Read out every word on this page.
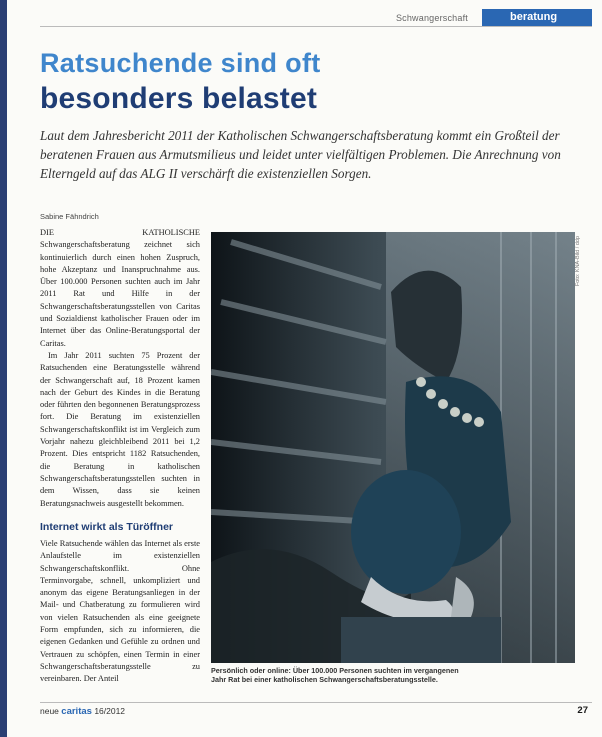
Schwangerschaft	beratung
Ratsuchende sind oft
besonders belastet
Laut dem Jahresbericht 2011 der Katholischen Schwangerschaftsberatung kommt ein Großteil der beratenen Frauen aus Armutsmilieus und leidet unter vielfältigen Problemen. Die Anrechnung von Elterngeld auf das ALG II verschärft die existenziellen Sorgen.
Sabine Fähndrich

DIE KATHOLISCHE Schwangerschaftsberatung zeichnet sich kontinuierlich durch einen hohen Zuspruch, hohe Akzeptanz und Inanspruchnahme aus. Über 100.000 Personen suchten auch im Jahr 2011 Rat und Hilfe in der Schwangerschaftsberatungsstellen von Caritas und Sozialdienst katholischer Frauen oder im Internet über das Online-Beratungsportal der Caritas.

Im Jahr 2011 suchten 75 Prozent der Ratsuchenden eine Beratungsstelle während der Schwangerschaft auf, 18 Prozent kamen nach der Geburt des Kindes in die Beratung oder führten den begonnenen Beratungsprozess fort. Die Beratung im existenziellen Schwangerschaftskonflikt ist im Vergleich zum Vorjahr nahezu gleichbleibend 2011 bei 1,2 Prozent. Dies entspricht 1182 Ratsuchenden, die Beratung in katholischen Schwangerschaftsberatungsstellen suchten in dem Wissen, dass sie keinen Beratungsnachweis ausgestellt bekommen.

Internet wirkt als Türöffner

Viele Ratsuchende wählen das Internet als erste Anlaufstelle im existenziellen Schwangerschaftskonflikt. Ohne Terminvorgabe, schnell, unkompliziert und anonym das eigene Beratungsanliegen in der Mail- und Chatberatung zu formulieren wird von vielen Ratsuchenden als eine geeignete Form empfunden, sich zu informieren, die eigenen Gedanken und Gefühle zu ordnen und Vertrauen zu schöpfen, einen Termin in einer Schwangerschaftsberatungsstelle zu vereinbaren. Der Anteil

Foto: KNA-Bild / ddp
Persönlich oder online: Über 100.000 Personen suchten im vergangenen Jahr Rat bei einer katholischen Schwangerschaftsberatungsstelle.
neue caritas 16/2012	27
